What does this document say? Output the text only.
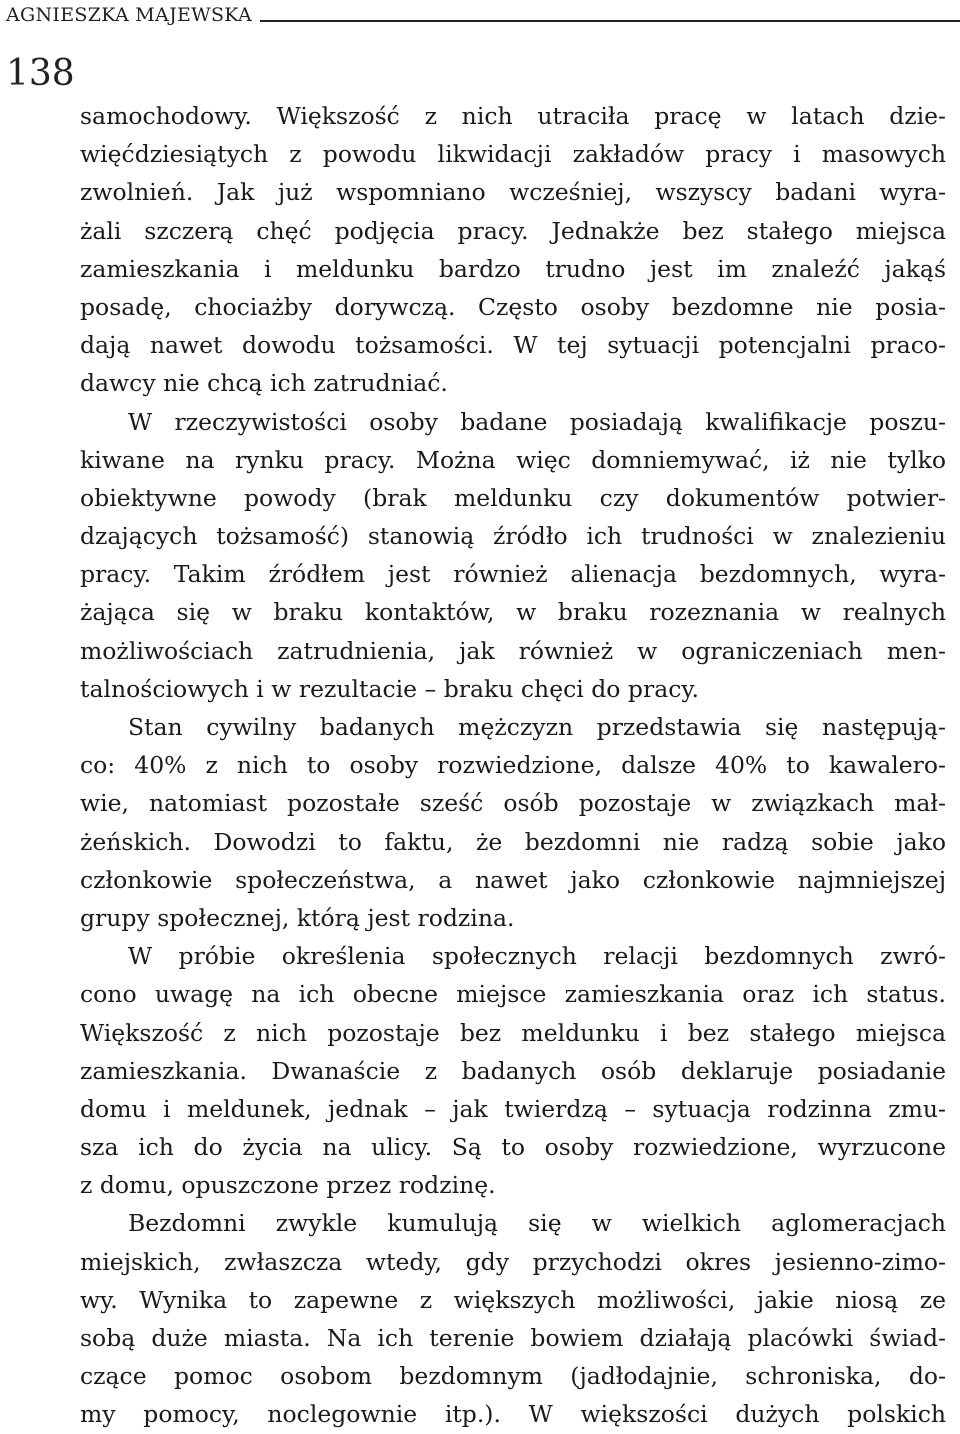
AGNIESZKA MAJEWSKA
138
samochodowy. Większość z nich utraciła pracę w latach dzie-
więćdziesiątych z powodu likwidacji zakładów pracy i masowych
zwolnień. Jak już wspomniano wcześniej, wszyscy badani wyra-
żali szczerą chęć podjęcia pracy. Jednakże bez stałego miejsca
zamieszkania i meldunku bardzo trudno jest im znaleźć jakąś
posadę, chociażby dorywczą. Często osoby bezdomne nie posia-
dają nawet dowodu tożsamości. W tej sytuacji potencjalni praco-
dawcy nie chcą ich zatrudniać.
W rzeczywistości osoby badane posiadają kwalifikacje poszu-
kiwane na rynku pracy. Można więc domniemywać, iż nie tylko
obiektywne powody (brak meldunku czy dokumentów potwier-
dzających tożsamość) stanowią źródło ich trudności w znalezieniu
pracy. Takim źródłem jest również alienacja bezdomnych, wyra-
żająca się w braku kontaktów, w braku rozeznania w realnych
możliwościach zatrudnienia, jak również w ograniczeniach men-
talnościowych i w rezultacie – braku chęci do pracy.
Stan cywilny badanych mężczyzn przedstawia się następują-
co: 40% z nich to osoby rozwiedzione, dalsze 40% to kawalero-
wie, natomiast pozostałe sześć osób pozostaje w związkach mał-
żeńskich. Dowodzi to faktu, że bezdomni nie radzą sobie jako
członkowie społeczeństwa, a nawet jako członkowie najmniejszej
grupy społecznej, którą jest rodzina.
W próbie określenia społecznych relacji bezdomnych zwró-
cono uwagę na ich obecne miejsce zamieszkania oraz ich status.
Większość z nich pozostaje bez meldunku i bez stałego miejsca
zamieszkania. Dwanaście z badanych osób deklaruje posiadanie
domu i meldunek, jednak – jak twierdzą – sytuacja rodzinna zmu-
sza ich do życia na ulicy. Są to osoby rozwiedzione, wyrzucone
z domu, opuszczone przez rodzinę.
Bezdomni zwykle kumulują się w wielkich aglomeracjach
miejskich, zwłaszcza wtedy, gdy przychodzi okres jesienno-zimo-
wy. Wynika to zapewne z większych możliwości, jakie niosą ze
sobą duże miasta. Na ich terenie bowiem działają placówki świad-
czące pomoc osobom bezdomnym (jadłodajnie, schroniska, do-
my pomocy, noclegownie itp.). W większości dużych polskich
